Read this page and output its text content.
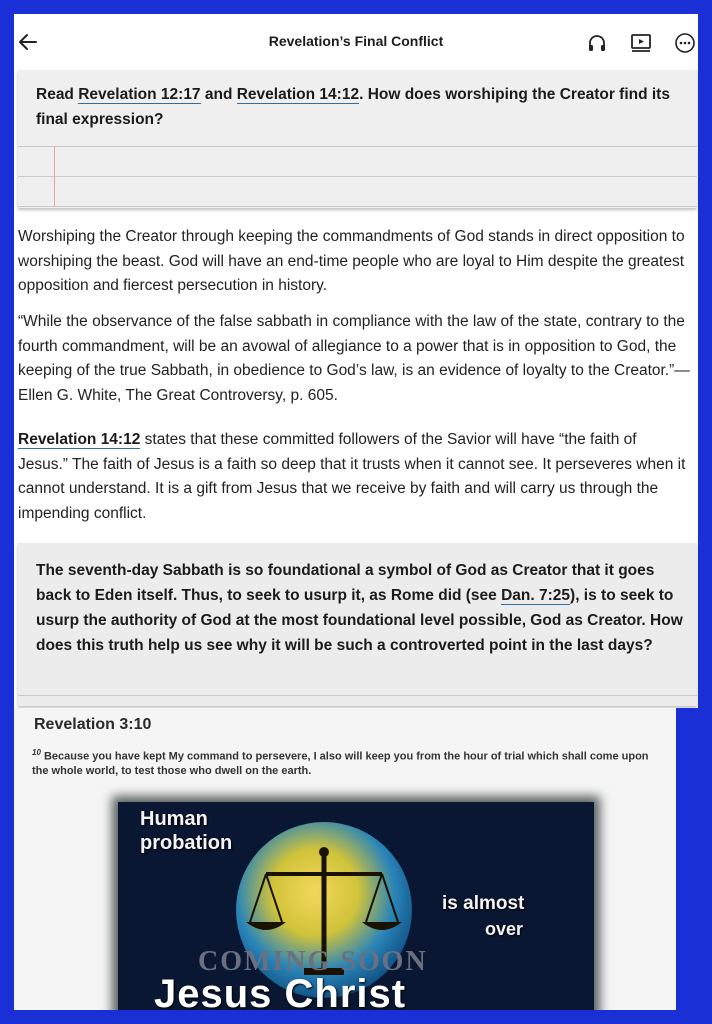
Revelation’s Final Conflict
Read Revelation 12:17 and Revelation 14:12. How does worshiping the Creator find its final expression?
Worshiping the Creator through keeping the commandments of God stands in direct opposition to worshiping the beast. God will have an end-time people who are loyal to Him despite the greatest opposition and fiercest persecution in history.
“While the observance of the false sabbath in compliance with the law of the state, contrary to the fourth commandment, will be an avowal of allegiance to a power that is in opposition to God, the keeping of the true Sabbath, in obedience to God’s law, is an evidence of loyalty to the Creator.”—Ellen G. White, The Great Controversy, p. 605.
Revelation 14:12 states that these committed followers of the Savior will have “the faith of Jesus.” The faith of Jesus is a faith so deep that it trusts when it cannot see. It perseveres when it cannot understand. It is a gift from Jesus that we receive by faith and will carry us through the impending conflict.
The seventh-day Sabbath is so foundational a symbol of God as Creator that it goes back to Eden itself. Thus, to seek to usurp it, as Rome did (see Dan. 7:25), is to seek to usurp the authority of God at the most foundational level possible, God as Creator. How does this truth help us see why it will be such a controverted point in the last days?
Revelation 3:10
$^{10}$ Because you have kept My command to persevere, I also will keep you from the hour of trial which shall come upon the whole world, to test those who dwell on the earth.
Human
probation
is almost
over
COMING SOON
Jesus Christ
